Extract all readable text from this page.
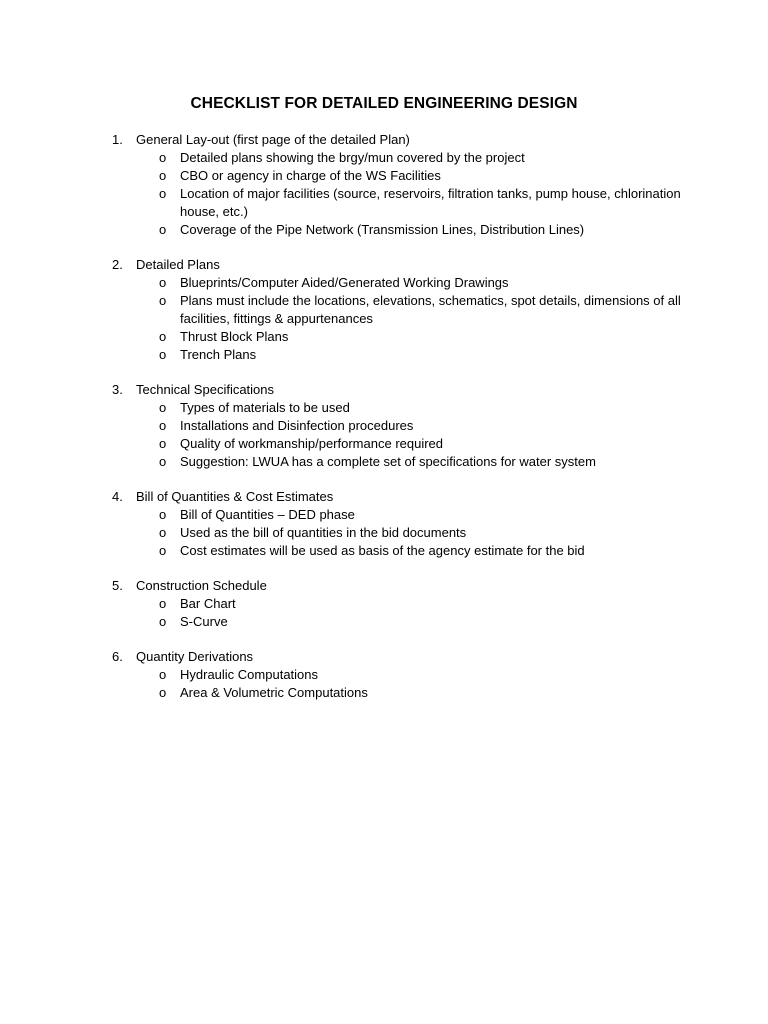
CHECKLIST FOR DETAILED ENGINEERING DESIGN
1.	General Lay-out (first page of the detailed Plan)
o	Detailed plans showing the brgy/mun covered by the project
o	CBO or agency in charge of the WS Facilities
o	Location of major facilities (source, reservoirs, filtration tanks, pump house, chlorination house, etc.)
o	Coverage of the Pipe Network (Transmission Lines, Distribution Lines)
2.	Detailed Plans
o	Blueprints/Computer Aided/Generated Working Drawings
o	Plans must include the locations, elevations, schematics, spot details, dimensions of all facilities, fittings & appurtenances
o	Thrust Block Plans
o	Trench Plans
3.	Technical Specifications
o	Types of materials to be used
o	Installations and Disinfection procedures
o	Quality of workmanship/performance required
o	Suggestion: LWUA has a complete set of specifications for water system
4.	Bill of Quantities & Cost Estimates
o	Bill of Quantities – DED phase
o	Used as the bill of quantities in the bid documents
o	Cost estimates will be used as basis of the agency estimate for the bid
5.	Construction Schedule
o	Bar Chart
o	S-Curve
6.	Quantity Derivations
o	Hydraulic Computations
o	Area & Volumetric Computations
